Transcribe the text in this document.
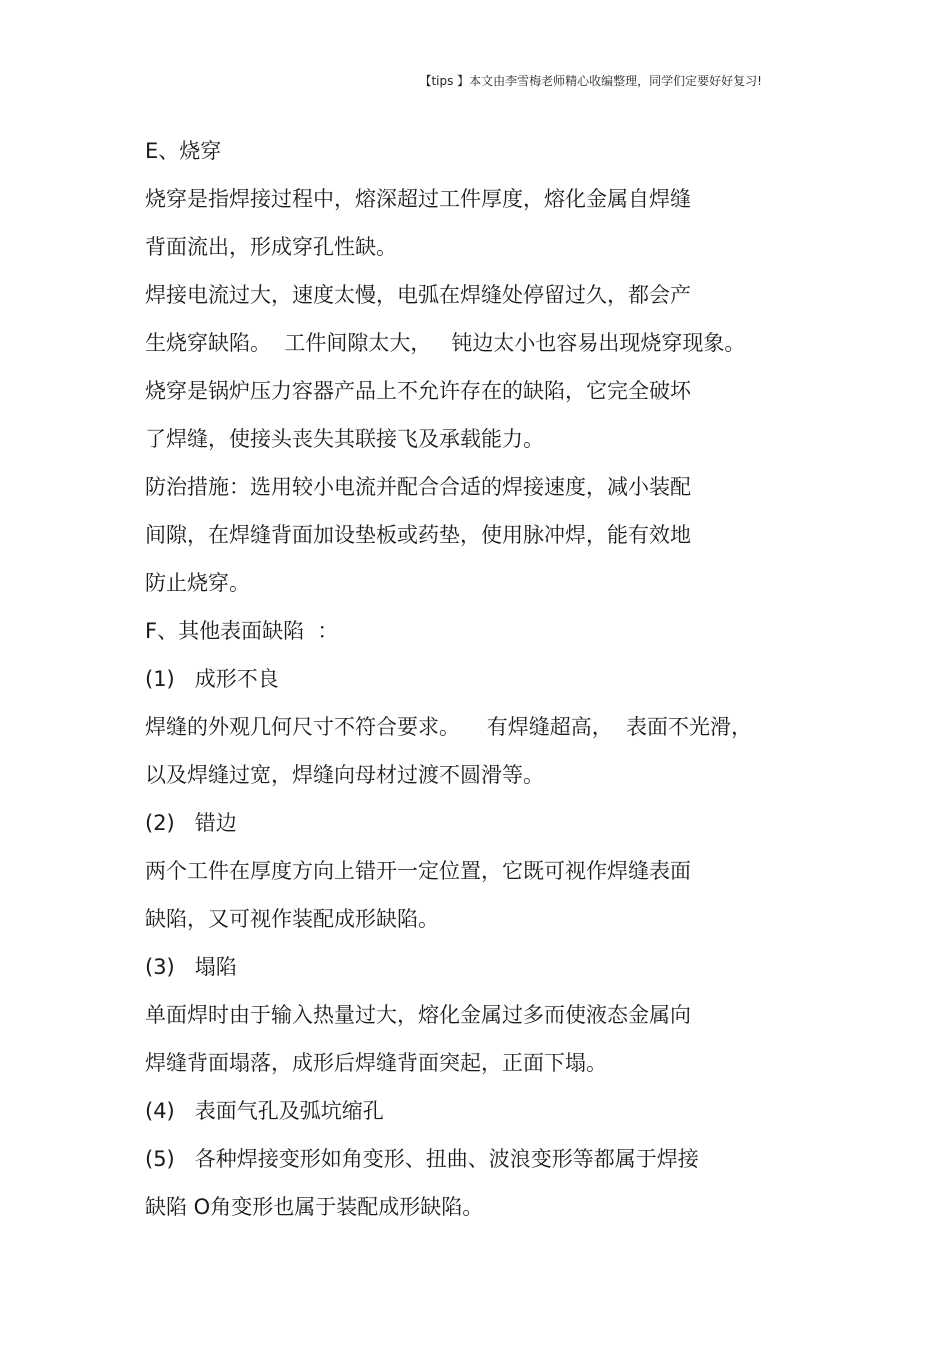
【tips 】本文由李雪梅老师精心收编整理，同学们定要好好复习!
E、烧穿
烧穿是指焊接过程中，熔深超过工件厚度，熔化金属自焊缝
背面流出，形成穿孔性缺。
焊接电流过大，速度太慢，电弧在焊缝处停留过久，都会产
生烧穿缺陷。  工件间隙太大，   钝边太小也容易出现烧穿现象。
烧穿是锅炉压力容器产品上不允许存在的缺陷，它完全破坏
了焊缝，使接头丧失其联接飞及承载能力。
防治措施：选用较小电流并配合合适的焊接速度，减小装配
间隙，在焊缝背面加设垫板或药垫，使用脉冲焊，能有效地
防止烧穿。
F、其他表面缺陷  ：
(1)   成形不良
焊缝的外观几何尺寸不符合要求。    有焊缝超高，  表面不光滑，
以及焊缝过宽，焊缝向母材过渡不圆滑等。
(2)   错边
两个工件在厚度方向上错开一定位置，它既可视作焊缝表面
缺陷，又可视作装配成形缺陷。
(3)   塌陷
单面焊时由于输入热量过大，熔化金属过多而使液态金属向
焊缝背面塌落，成形后焊缝背面突起，正面下塌。
(4)   表面气孔及弧坑缩孔
(5)   各种焊接变形如角变形、扭曲、波浪变形等都属于焊接
缺陷 O角变形也属于装配成形缺陷。
